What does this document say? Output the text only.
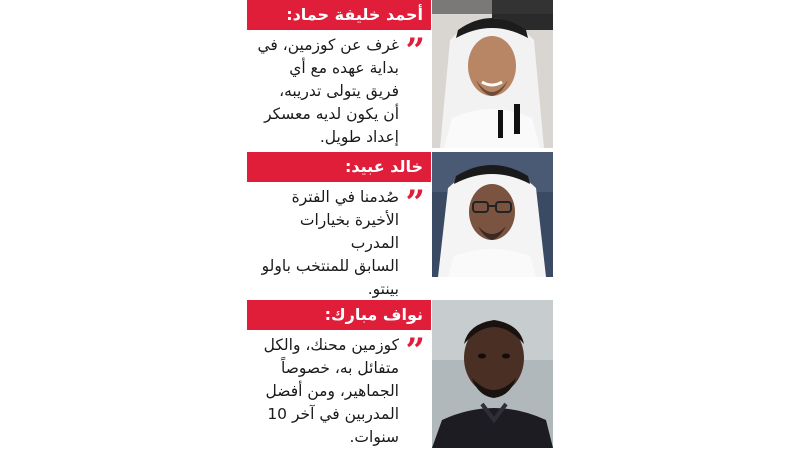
أحمد خليفة حماد:
”
غرف عن كوزمين، في
بداية عهده مع أي
فريق يتولى تدريبه،
أن يكون لديه معسكر
إعداد طويل.
خالد عبيد:
”
صُدمنا في الفترة
الأخيرة بخيارات المدرب
السابق للمنتخب باولو
بينتو.
نواف مبارك:
”
كوزمين محنك، والكل
متفائل به، خصوصاً
الجماهير، ومن أفضل
المدربين في آخر 10
سنوات.
